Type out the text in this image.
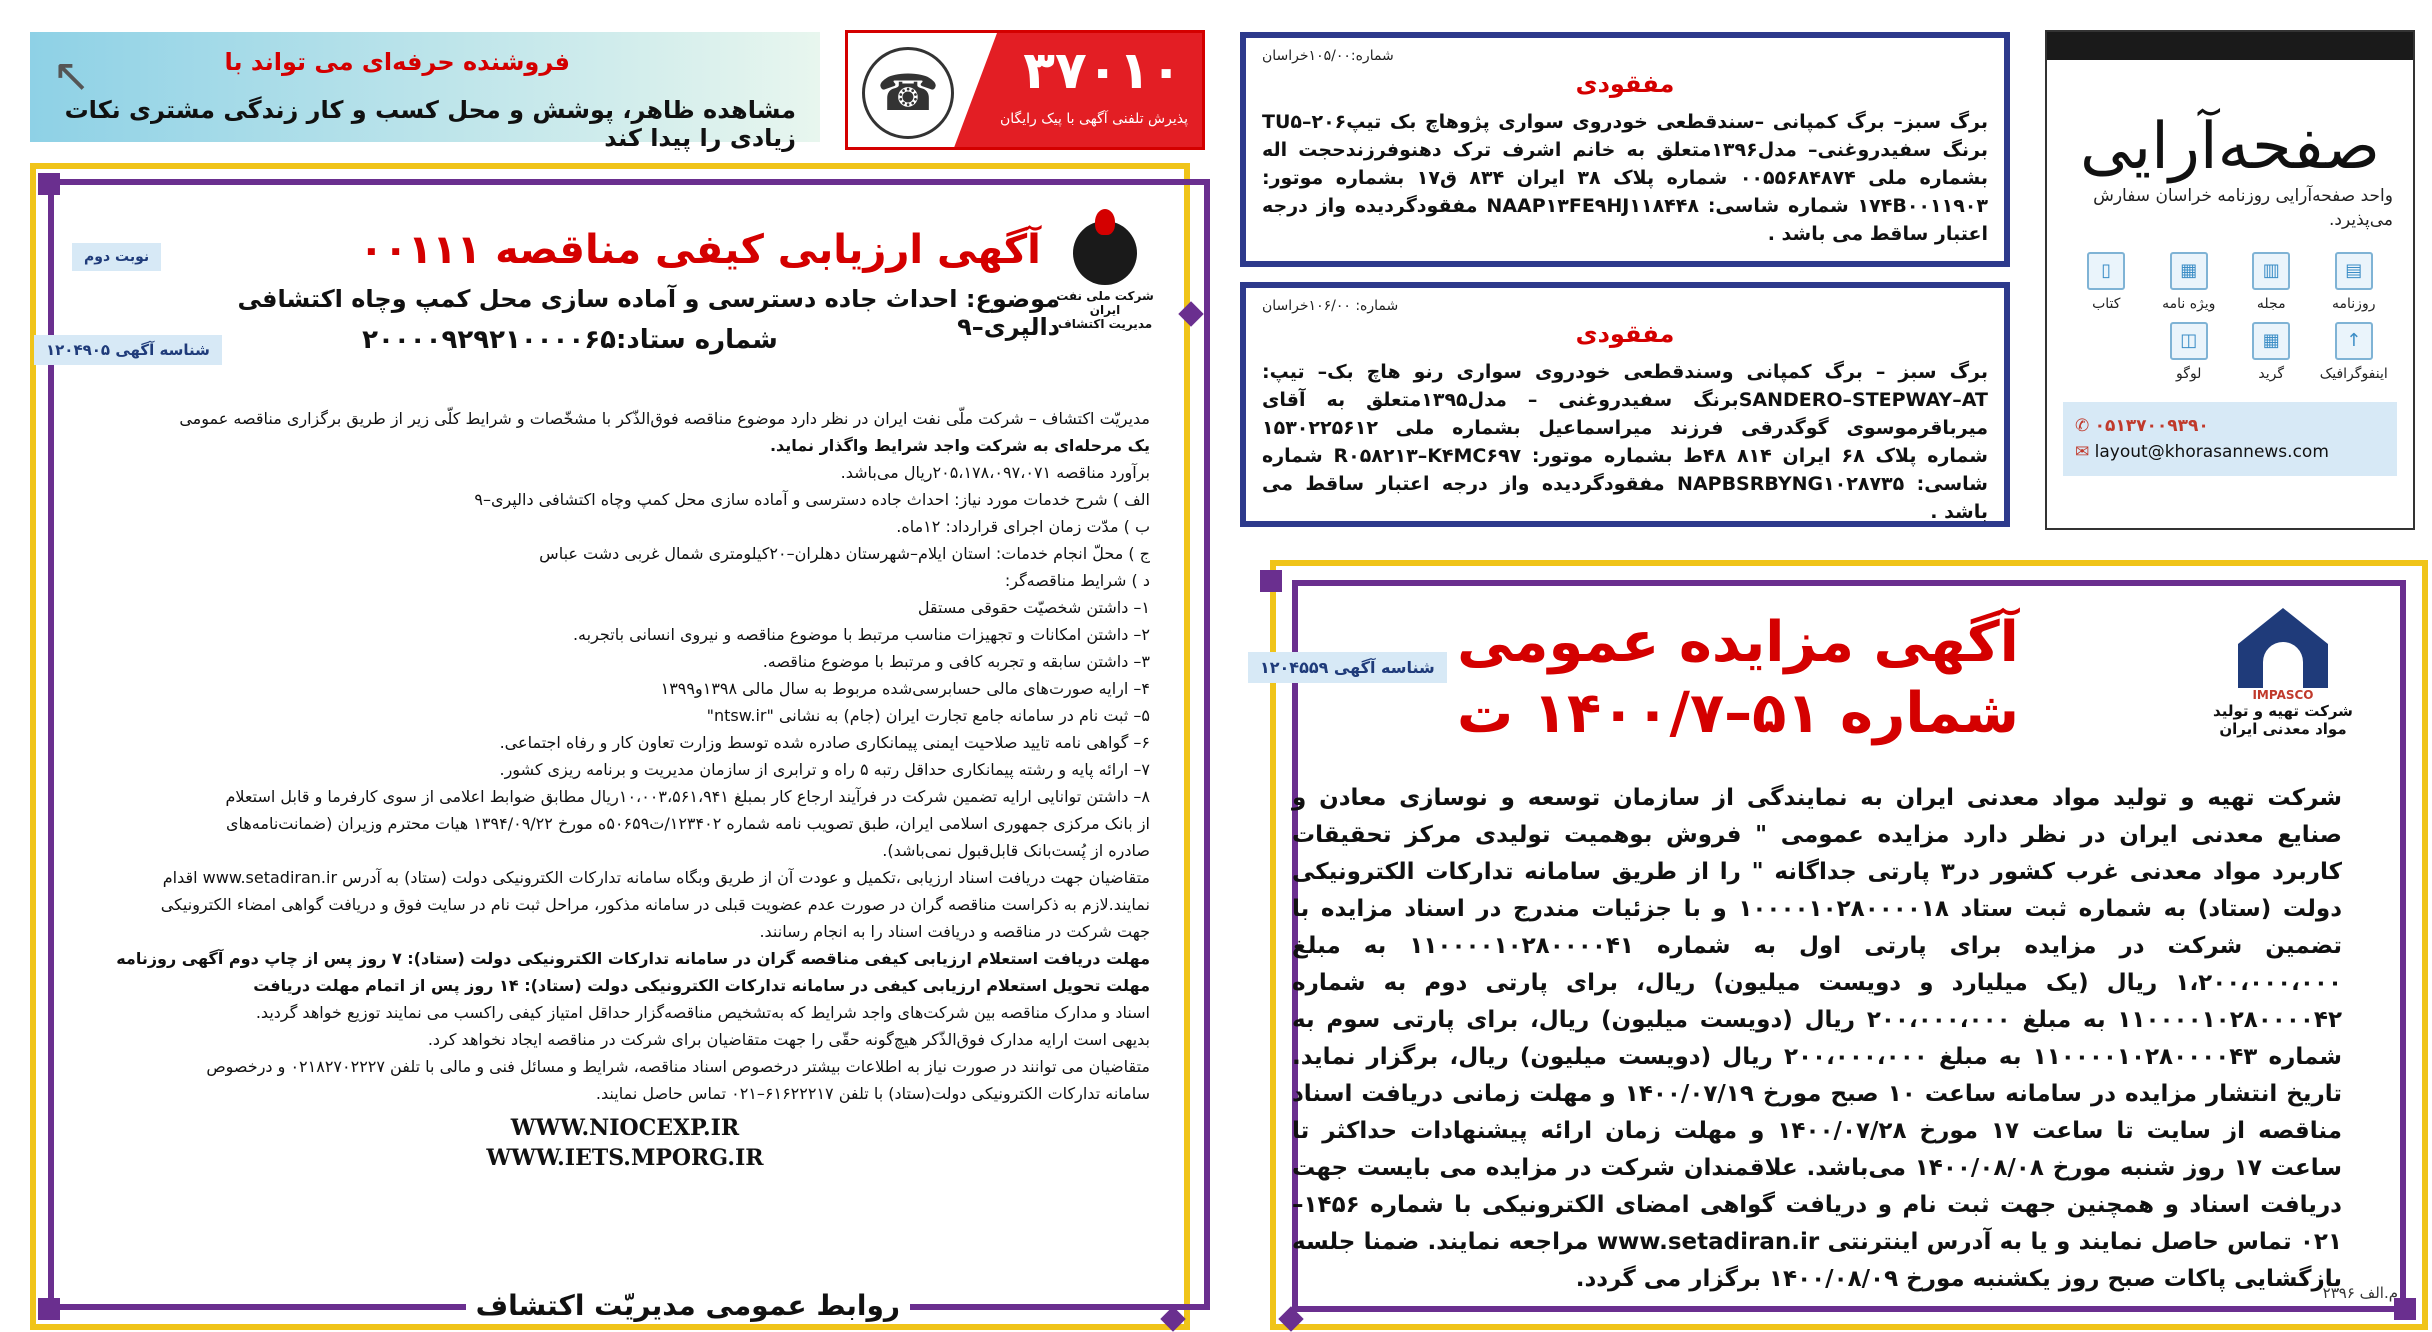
فروشنده حرفه‌ای می تواند با
مشاهده ظاهر، پوشش و محل کسب و کار زندگی مشتری نکات زیادی را پیدا کند
↖	۳۷۰۱۰
پذیرش تلفنی آگهی با پیک رایگان
☎
صفحه‌آرایی
واحد صفحه‌آرایی روزنامه خراسان سفارش می‌پذیرد.
▤
روزنامه
▥
مجله
▦
ویژه نامه
▯
کتاب
↑
اینفوگرافیک
▦
گرید
◫
لوگو
✆ ۰۵۱۳۷۰۰۹۳۹۰
✉ layout@khorasannews.com
شماره:۱۰۵/۰۰خراسان
مفقودی
برگ سبز– برگ کمپانی –سندقطعی خودروی سواری پژوهاچ بک تیپTU۵–۲۰۶ برنگ سفیدروغنی– مدل۱۳۹۶متعلق به خانم اشرف ترک دهنوفرزندحجت اله بشماره ملی ۰۰۵۵۶۸۴۸۷۴ شماره پلاک ۳۸ ایران ۸۳۴ ق۱۷ بشماره موتور: ۱۷۴B۰۰۱۱۹۰۳ شماره شاسی: NAAP۱۳FE۹HJ۱۱۸۴۴۸ مفقودگردیده واز درجه اعتبار ساقط می باشد .
شماره: ۱۰۶/۰۰خراسان
مفقودی
برگ سبز – برگ کمپانی وسندقطعی خودروی سواری رنو هاچ بک– تیپ: SANDERO–STEPWAY–ATبرنگ سفیدروغنی – مدل۱۳۹۵متعلق به آقای میرباقرموسوی گوگدرقی فرزند میراسماعیل بشماره ملی ۱۵۳۰۲۲۵۶۱۲ شماره پلاک ۶۸ ایران ۸۱۴ ۴۸ط بشماره موتور: R۰۵۸۲۱۳–K۴MC۶۹۷ شماره شاسی: NAPBSRBYNG۱۰۲۸۷۳۵ مفقودگردیده واز درجه اعتبار ساقط می باشد .
شناسه آگهی ۱۲۰۴۵۵۹ آگهی مزایده عمومی
شماره ۵۱–۱۴۰۰/۷ ت	IMPASCO
شرکت تهیه و تولید مواد معدنی ایران
شرکت تهیه و تولید مواد معدنی ایران به نمایندگی از سازمان توسعه و نوسازی معادن و صنایع معدنی ایران در نظر دارد مزایده عمومی " فروش بوهمیت تولیدی مرکز تحقیقات کاربرد مواد معدنی غرب کشور در۳ پارتی جداگانه " را از طریق سامانه تدارکات الکترونیکی دولت (ستاد) به شماره ثبت ستاد ۱۰۰۰۰۱۰۲۸۰۰۰۰۱۸ و با جزئیات مندرج در اسناد مزایده با تضمین شرکت در مزایده برای پارتی اول به شماره ۱۱۰۰۰۰۱۰۲۸۰۰۰۰۴۱ به مبلغ ۱،۲۰۰،۰۰۰،۰۰۰ ریال (یک میلیارد و دویست میلیون) ریال، برای پارتی دوم به شماره ۱۱۰۰۰۰۱۰۲۸۰۰۰۰۴۲ به مبلغ ۲۰۰،۰۰۰،۰۰۰ ریال (دویست میلیون) ریال، برای پارتی سوم به شماره ۱۱۰۰۰۰۱۰۲۸۰۰۰۰۴۳ به مبلغ ۲۰۰،۰۰۰،۰۰۰ ریال (دویست میلیون) ریال، برگزار نماید. تاریخ انتشار مزایده در سامانه ساعت ۱۰ صبح مورخ ۱۴۰۰/۰۷/۱۹ و مهلت زمانی دریافت اسناد مناقصه از سایت تا ساعت ۱۷ مورخ ۱۴۰۰/۰۷/۲۸ و مهلت زمان ارائه پیشنهادات حداکثر تا ساعت ۱۷ روز شنبه مورخ ۱۴۰۰/۰۸/۰۸ می‌باشد. علاقمندان شرکت در مزایده می بایست جهت دریافت اسناد و همچنین جهت ثبت نام و دریافت گواهی امضای الکترونیکی با شماره ۱۴۵۶–۰۲۱ تماس حاصل نمایند و یا به آدرس اینترنتی www.setadiran.ir مراجعه نمایند. ضمنا جلسه بازگشایی پاکات صبح روز یکشنبه مورخ ۱۴۰۰/۰۸/۰۹ برگزار می گردد.
م.الف ۲۳۹۶
نوبت دوم
شناسه آگهی ۱۲۰۴۹۰۵
شرکت ملی نفت ایران
مدیریت اکتشاف
آگهی ارزیابی کیفی مناقصه ۰۰۱۱۱
موضوع: احداث جاده دسترسی و آماده سازی محل کمپ وچاه اکتشافی دالپری–۹
شماره ستاد:۲۰۰۰۰۹۲۹۲۱۰۰۰۰۶۵
مدیریّت اکتشاف – شرکت ملّی نفت ایران در نظر دارد موضوع مناقصه فوق‌الذّکر با مشخّصات و شرایط کلّی زیر از طریق برگزاری مناقصه عمومی
یک مرحله‌ای به شرکت واجد شرایط واگذار نماید.
برآورد مناقصه ۲۰۵،۱۷۸،۰۹۷،۰۷۱ریال می‌باشد.
الف ) شرح خدمات مورد نیاز: احداث جاده دسترسی و آماده سازی محل کمپ وچاه اکتشافی دالپری–۹
ب ) مدّت زمان اجرای قرارداد: ۱۲ماه.
ج ) محلّ انجام خدمات: استان ایلام–شهرستان دهلران–۲۰کیلومتری شمال غربی دشت عباس
د ) شرایط مناقصه‌گر:
۱– داشتن شخصیّت حقوقی مستقل
۲– داشتن امکانات و تجهیزات مناسب مرتبط با موضوع مناقصه و نیروی انسانی باتجربه.
۳– داشتن سابقه و تجربه کافی و مرتبط با موضوع مناقصه.
۴– ارایه صورت‌های مالی حسابرسی‌شده مربوط به سال مالی ۱۳۹۸و۱۳۹۹
۵– ثبت نام در سامانه جامع تجارت ایران (جام) به نشانی "ntsw.ir"
۶– گواهی نامه تایید صلاحیت ایمنی پیمانکاری صادره شده توسط وزارت تعاون کار و رفاه اجتماعی.
۷– ارائه پایه و رشته پیمانکاری حداقل رتبه ۵ راه و ترابری از سازمان مدیریت و برنامه ریزی کشور.
۸– داشتن توانایی ارایه تضمین شرکت در فرآیند ارجاع کار بمبلغ ۱۰،۰۰۳،۵۶۱،۹۴۱ریال مطابق ضوابط اعلامی از سوی کارفرما و قابل استعلام
از بانک مرکزی جمهوری اسلامی ایران، طبق تصویب نامه شماره ۱۲۳۴۰۲/ت۵۰۶۵۹ه مورخ ۱۳۹۴/۰۹/۲۲ هیات محترم وزیران (ضمانت‌نامه‌های
صادره از پُست‌بانک قابل‌قبول نمی‌باشد).
متقاضیان جهت دریافت اسناد ارزیابی ،تکمیل و عودت آن از طریق وبگاه سامانه تدارکات الکترونیکی دولت (ستاد) به آدرس www.setadiran.ir اقدام
نمایند.لازم به ذکراست مناقصه گران در صورت عدم عضویت قبلی در سامانه مذکور، مراحل ثبت نام در سایت فوق و دریافت گواهی امضاء الکترونیکی
جهت شرکت در مناقصه و دریافت اسناد را به انجام رسانند.
مهلت دریافت استعلام ارزیابی کیفی مناقصه گران در سامانه تدارکات الکترونیکی دولت (ستاد): ۷ روز پس از چاپ دوم آگهی روزنامه
مهلت تحویل استعلام ارزیابی کیفی در سامانه تدارکات الکترونیکی دولت (ستاد): ۱۴ روز پس از اتمام مهلت دریافت
اسناد و مدارک مناقصه بین شرکت‌های واجد شرایط که به‌تشخیص مناقصه‌گزار حداقل امتیاز کیفی راکسب می نمایند توزیع خواهد گردید.
بدیهی است ارایه مدارک فوق‌الذّکر هیچ‌گونه حقّی را جهت متقاضیان برای شرکت در مناقصه ایجاد نخواهد کرد.
متقاضیان می توانند در صورت نیاز به اطلاعات بیشتر درخصوص اسناد مناقصه، شرایط و مسائل فنی و مالی با تلفن ۰۲۱۸۲۷۰۲۲۲۷ و درخصوص
سامانه تدارکات الکترونیکی دولت(ستاد) با تلفن ۶۱۶۲۲۲۱۷–۰۲۱ تماس حاصل نمایند.
WWW.NIOCEXP.IR
WWW.IETS.MPORG.IR
روابط عمومی مدیریّت اکتشاف
